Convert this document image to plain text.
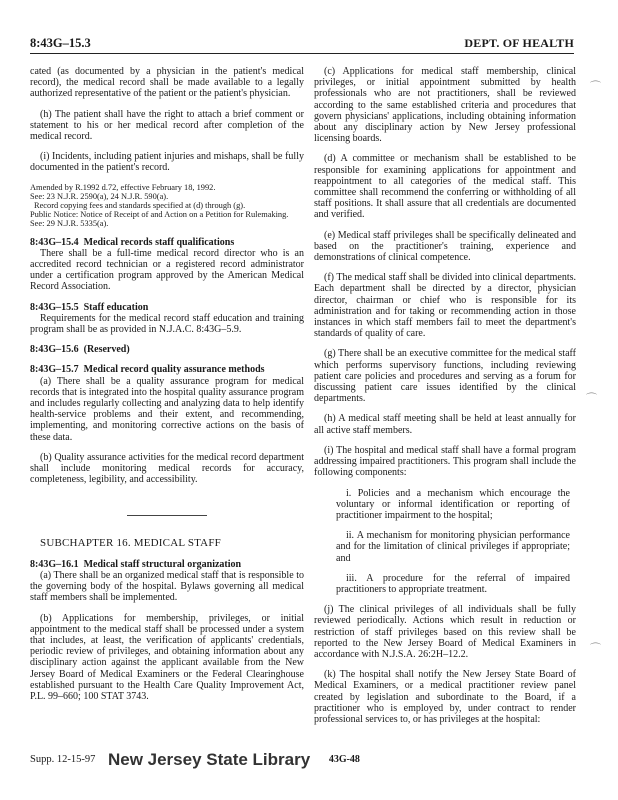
8:43G–15.3	DEPT. OF HEALTH

cated (as documented by a physician in the patient's medical record), the medical record shall be made available to a legally authorized representative of the patient or the patient's physician.

(h) The patient shall have the right to attach a brief comment or statement to his or her medical record after completion of the medical record.

(i) Incidents, including patient injuries and mishaps, shall be fully documented in the patient's record.

Amended by R.1992 d.72, effective February 18, 1992.

See: 23 N.J.R. 2590(a), 24 N.J.R. 590(a).

Record copying fees and standards specified at (d) through (g).

Public Notice: Notice of Receipt of and Action on a Petition for Rulemaking.

See: 29 N.J.R. 5335(a).

8:43G–15.4 Medical records staff qualifications

There shall be a full-time medical record director who is an accredited record technician or a registered record administrator under a certification program approved by the American Medical Record Association.

8:43G–15.5 Staff education

Requirements for the medical record staff education and training program shall be as provided in N.J.A.C. 8:43G–5.9.

8:43G–15.6 (Reserved)

8:43G–15.7 Medical record quality assurance methods

(a) There shall be a quality assurance program for medical records that is integrated into the hospital quality assurance program and includes regularly collecting and analyzing data to help identify health-service problems and their extent, and recommending, implementing, and monitoring corrective actions on the basis of these data.

(b) Quality assurance activities for the medical record department shall include monitoring medical records for accuracy, completeness, legibility, and accessibility.

SUBCHAPTER 16. MEDICAL STAFF

8:43G–16.1 Medical staff structural organization

(a) There shall be an organized medical staff that is responsible to the governing body of the hospital. Bylaws governing all medical staff members shall be implemented.

(b) Applications for membership, privileges, or initial appointment to the medical staff shall be processed under a system that includes, at least, the verification of applicants' credentials, periodic review of privileges, and obtaining information about any disciplinary action against the applicant available from the New Jersey Board of Medical Examiners or the Federal Clearinghouse established pursuant to the Health Care Quality Improvement Act, P.L. 99–660; 100 STAT 3743.

(c) Applications for medical staff membership, clinical privileges, or initial appointment submitted by health professionals who are not practitioners, shall be reviewed according to the same established criteria and procedures that govern physicians' applications, including obtaining information about any disciplinary action by New Jersey professional licensing boards.

(d) A committee or mechanism shall be established to be responsible for examining applications for appointment and reappointment to all categories of the medical staff. This committee shall recommend the conferring or withholding of all staff positions. It shall assure that all credentials are documented and verified.

(e) Medical staff privileges shall be specifically delineated and based on the practitioner's training, experience and demonstrations of clinical competence.

(f) The medical staff shall be divided into clinical departments. Each department shall be directed by a director, physician director, chairman or chief who is responsible for its administration and for taking or recommending action in those instances in which staff members fail to meet the department's standards of quality of care.

(g) There shall be an executive committee for the medical staff which performs supervisory functions, including reviewing patient care policies and procedures and serving as a forum for discussing patient care issues identified by the clinical departments.

(h) A medical staff meeting shall be held at least annually for all active staff members.

(i) The hospital and medical staff shall have a formal program addressing impaired practitioners. This program shall include the following components:

i. Policies and a mechanism which encourage the voluntary or informal identification or reporting of practitioner impairment to the hospital;

ii. A mechanism for monitoring physician performance and for the limitation of clinical privileges if appropriate; and

iii. A procedure for the referral of impaired practitioners to appropriate treatment.

(j) The clinical privileges of all individuals shall be fully reviewed periodically. Actions which result in reduction or restriction of staff privileges based on this review shall be reported to the New Jersey Board of Medical Examiners in accordance with N.J.S.A. 26:2H–12.2.

(k) The hospital shall notify the New Jersey State Board of Medical Examiners, or a medical practitioner review panel created by legislation and subordinate to the Board, if a practitioner who is employed by, under contract to render professional services to, or has privileges at the hospital:

⌒
⌒
⌒
Supp. 12-15-97 New Jersey State Library 43G-48
